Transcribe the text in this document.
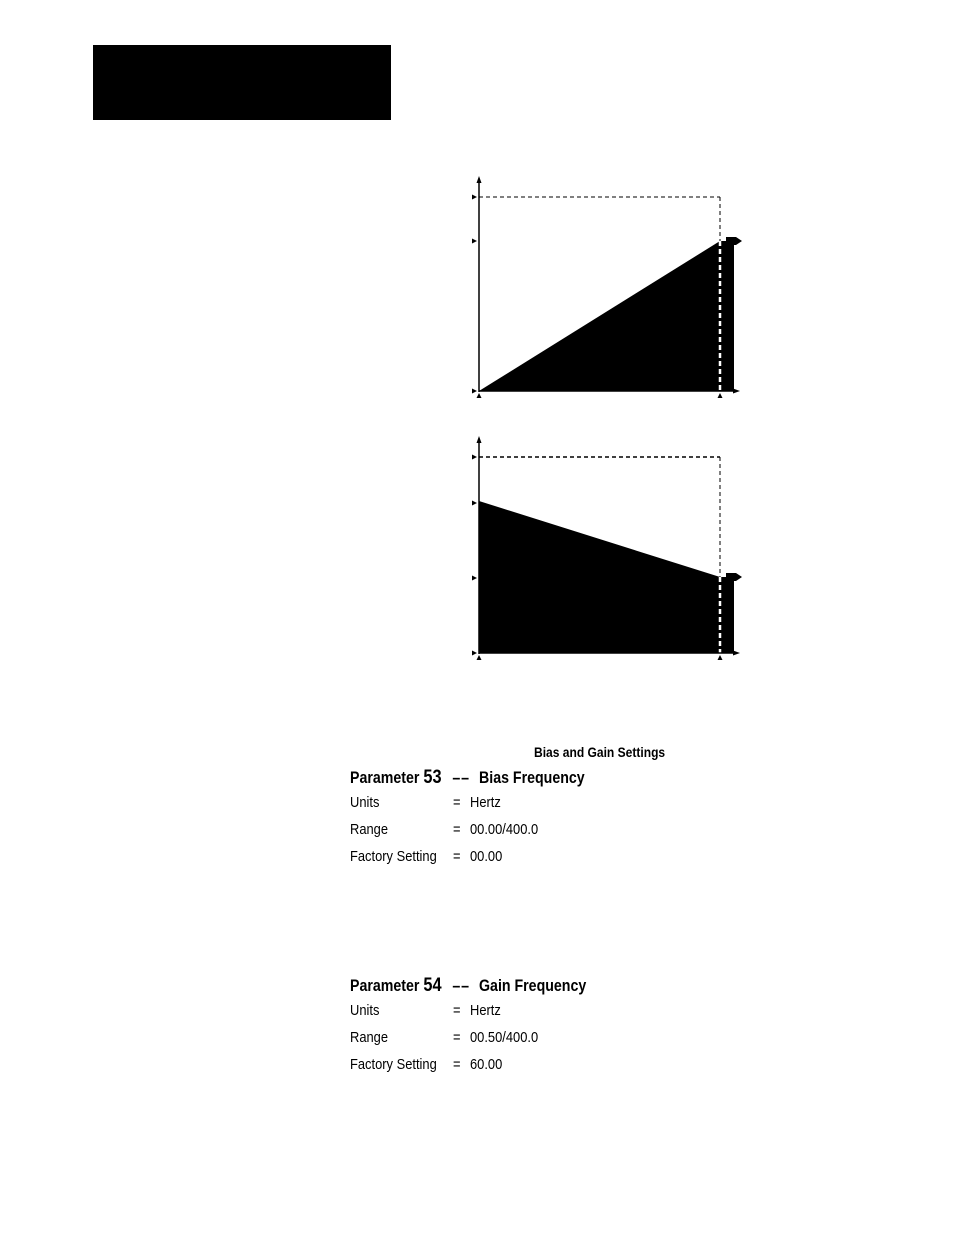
Bias and Gain Settings
Parameter 53 –– Bias Frequency
Units	= Hertz
Range	= 00.00/400.0
Factory Setting = 00.00
Parameter 54 –– Gain Frequency
Units	= Hertz
Range	= 00.50/400.0
Factory Setting = 60.00
